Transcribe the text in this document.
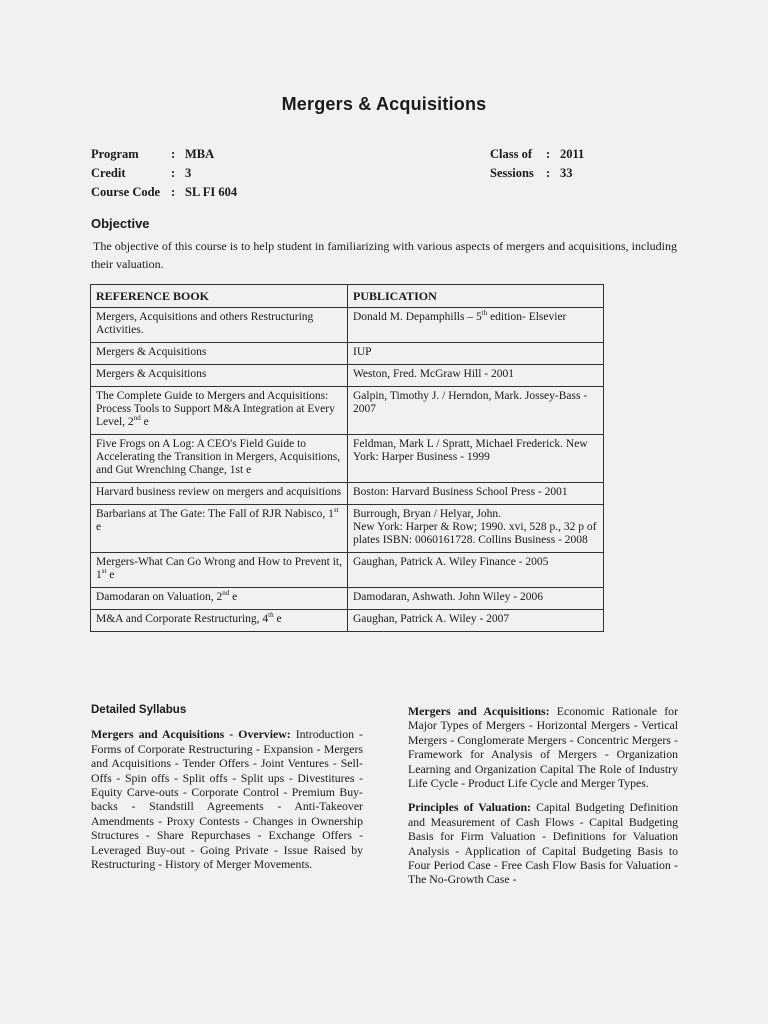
Mergers & Acquisitions
Program	: MBA
Credit	: 3
Course Code : SL FI 604
Class of	: 2011
Sessions : 33
Objective
The objective of this course is to help student in familiarizing with various aspects of mergers and acquisitions, including their valuation.
REFERENCE BOOK	PUBLICATION
Mergers, Acquisitions and others Restructuring Activities.	Donald M. Depamphills – 5th edition- Elsevier
Mergers & Acquisitions	IUP
Mergers & Acquisitions	Weston, Fred. McGraw Hill - 2001
The Complete Guide to Mergers and Acquisitions: Process Tools to Support M&A Integration at Every Level, 2nd e	Galpin, Timothy J. / Herndon, Mark. Jossey-Bass - 2007
Five Frogs on A Log: A CEO's Field Guide to Accelerating the Transition in Mergers, Acquisitions, and Gut Wrenching Change, 1st e	Feldman, Mark L / Spratt, Michael Frederick. New York: Harper Business - 1999
Harvard business review on mergers and acquisitions	Boston: Harvard Business School Press - 2001
Barbarians at The Gate: The Fall of RJR Nabisco, 1st e	Burrough, Bryan / Helyar, John.
New York: Harper & Row; 1990. xvi, 528 p., 32 p of plates ISBN: 0060161728. Collins Business - 2008
Mergers-What Can Go Wrong and How to Prevent it, 1st e	Gaughan, Patrick A. Wiley Finance - 2005
Damodaran on Valuation, 2nd e	Damodaran, Ashwath. John Wiley - 2006
M&A and Corporate Restructuring, 4th e	Gaughan, Patrick A. Wiley - 2007
Detailed Syllabus
Mergers and Acquisitions - Overview: Introduction - Forms of Corporate Restructuring - Expansion - Mergers and Acquisitions - Tender Offers - Joint Ventures - Sell-Offs - Spin offs - Split offs - Split ups - Divestitures - Equity Carve-outs - Corporate Control - Premium Buy-backs - Standstill Agreements - Anti-Takeover Amendments - Proxy Contests - Changes in Ownership Structures - Share Repurchases - Exchange Offers - Leveraged Buy-out - Going Private - Issue Raised by Restructuring - History of Merger Movements.
Mergers and Acquisitions: Economic Rationale for Major Types of Mergers - Horizontal Mergers - Vertical Mergers - Conglomerate Mergers - Concentric Mergers - Framework for Analysis of Mergers - Organization Learning and Organization Capital The Role of Industry Life Cycle - Product Life Cycle and Merger Types.
Principles of Valuation: Capital Budgeting Definition and Measurement of Cash Flows - Capital Budgeting Basis for Firm Valuation - Definitions for Valuation Analysis - Application of Capital Budgeting Basis to Four Period Case - Free Cash Flow Basis for Valuation - The No-Growth Case -
